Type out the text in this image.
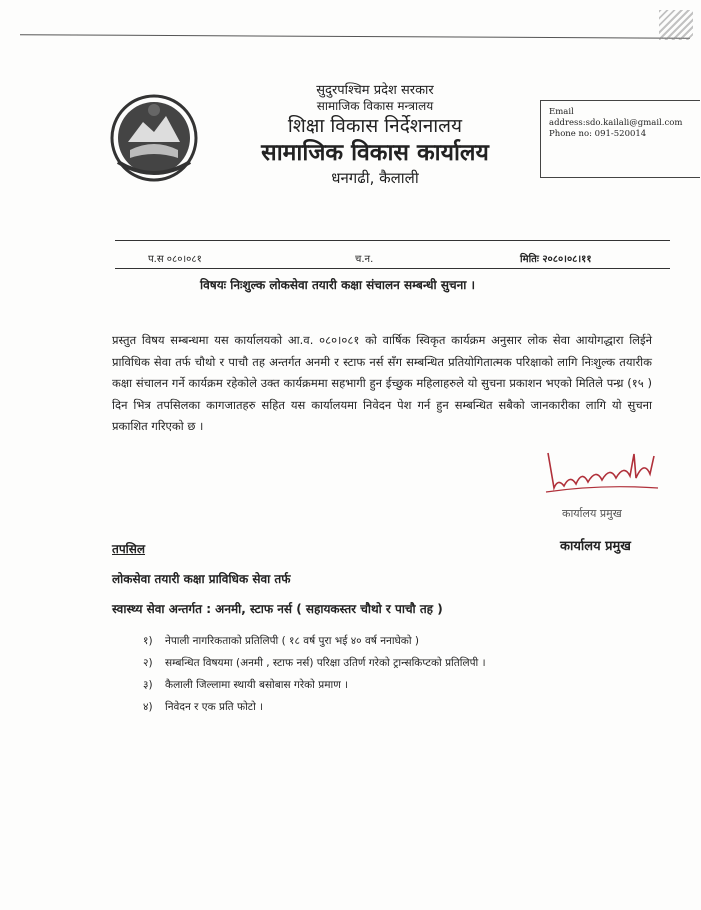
सुदुरपश्चिम प्रदेश सरकार

सामाजिक विकास मन्त्रालय

शिक्षा विकास निर्देशनालय

सामाजिक विकास कार्यालय

धनगढी, कैलाली

Email
address:sdo.kailali@gmail.com
Phone no: 091-520014
प.स ०८०।०८१	च.न.	मितिः २०८०।०८।११
विषयः निःशुल्क लोकसेवा तयारी कक्षा संचालन सम्बन्धी सुचना ।
प्रस्तुत विषय सम्बन्धमा यस कार्यालयको आ.व. ०८०।०८१ को वार्षिक स्विकृत कार्यक्रम अनुसार लोक सेवा आयोगद्धारा लिईने प्राविधिक सेवा तर्फ चौथो र पाचौ तह अन्तर्गत अनमी र स्टाफ नर्स सँग सम्बन्धित प्रतियोगितात्मक परिक्षाको लागि निःशुल्क तयारीक कक्षा संचालन गर्ने कार्यक्रम रहेकोले उक्त कार्यक्रममा सहभागी हुन ईच्छुक महिलाहरुले यो सुचना प्रकाशन भएको मितिले पन्ध्र (१५ ) दिन भित्र तपसिलका कागजातहरु सहित यस कार्यालयमा निवेदन पेश गर्न हुन सम्बन्धित सबैको जानकारीका लागि यो सुचना प्रकाशित गरिएको छ ।
कार्यालय प्रमुख
कार्यालय प्रमुख
तपसिल
लोकसेवा तयारी कक्षा प्राविधिक सेवा तर्फ
स्वास्थ्य सेवा अन्तर्गत : अनमी, स्टाफ नर्स ( सहायकस्तर चौथो र पाचौ तह )
१) नेपाली नागरिकताको प्रतिलिपी ( १८ वर्ष पुरा भई ४० वर्ष ननाघेको )
२) सम्बन्धित विषयमा (अनमी , स्टाफ नर्स) परिक्षा उतिर्ण गरेको ट्रान्सकिप्टको प्रतिलिपी ।
३) कैलाली जिल्लामा स्थायी बसोबास गरेको प्रमाण ।
४) निवेदन र एक प्रति फोटो ।
